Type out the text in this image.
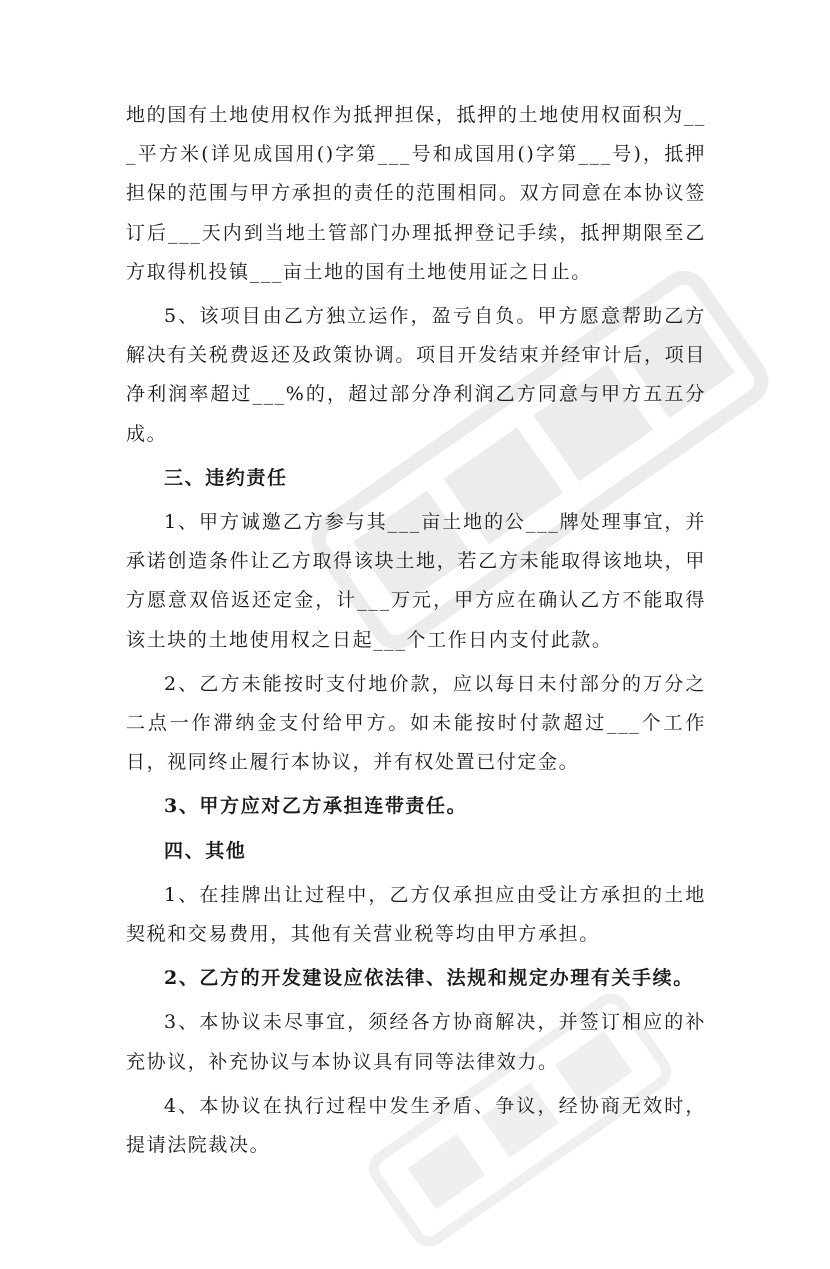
地的国有土地使用权作为抵押担保，抵押的土地使用权面积为___平方米(详见成国用()字第___号和成国用()字第___号)，抵押担保的范围与甲方承担的责任的范围相同。双方同意在本协议签订后___天内到当地土管部门办理抵押登记手续，抵押期限至乙方取得机投镇___亩土地的国有土地使用证之日止。

5、该项目由乙方独立运作，盈亏自负。甲方愿意帮助乙方解决有关税费返还及政策协调。项目开发结束并经审计后，项目净利润率超过___%的，超过部分净利润乙方同意与甲方五五分成。

三、违约责任

1、甲方诚邀乙方参与其___亩土地的公___牌处理事宜，并承诺创造条件让乙方取得该块土地，若乙方未能取得该地块，甲方愿意双倍返还定金，计___万元，甲方应在确认乙方不能取得该土块的土地使用权之日起___个工作日内支付此款。

2、乙方未能按时支付地价款，应以每日未付部分的万分之二点一作滞纳金支付给甲方。如未能按时付款超过___个工作日，视同终止履行本协议，并有权处置已付定金。

3、甲方应对乙方承担连带责任。

四、其他

1、在挂牌出让过程中，乙方仅承担应由受让方承担的土地契税和交易费用，其他有关营业税等均由甲方承担。

2、乙方的开发建设应依法律、法规和规定办理有关手续。

3、本协议未尽事宜，须经各方协商解决，并签订相应的补充协议，补充协议与本协议具有同等法律效力。

4、本协议在执行过程中发生矛盾、争议，经协商无效时，提请法院裁决。
